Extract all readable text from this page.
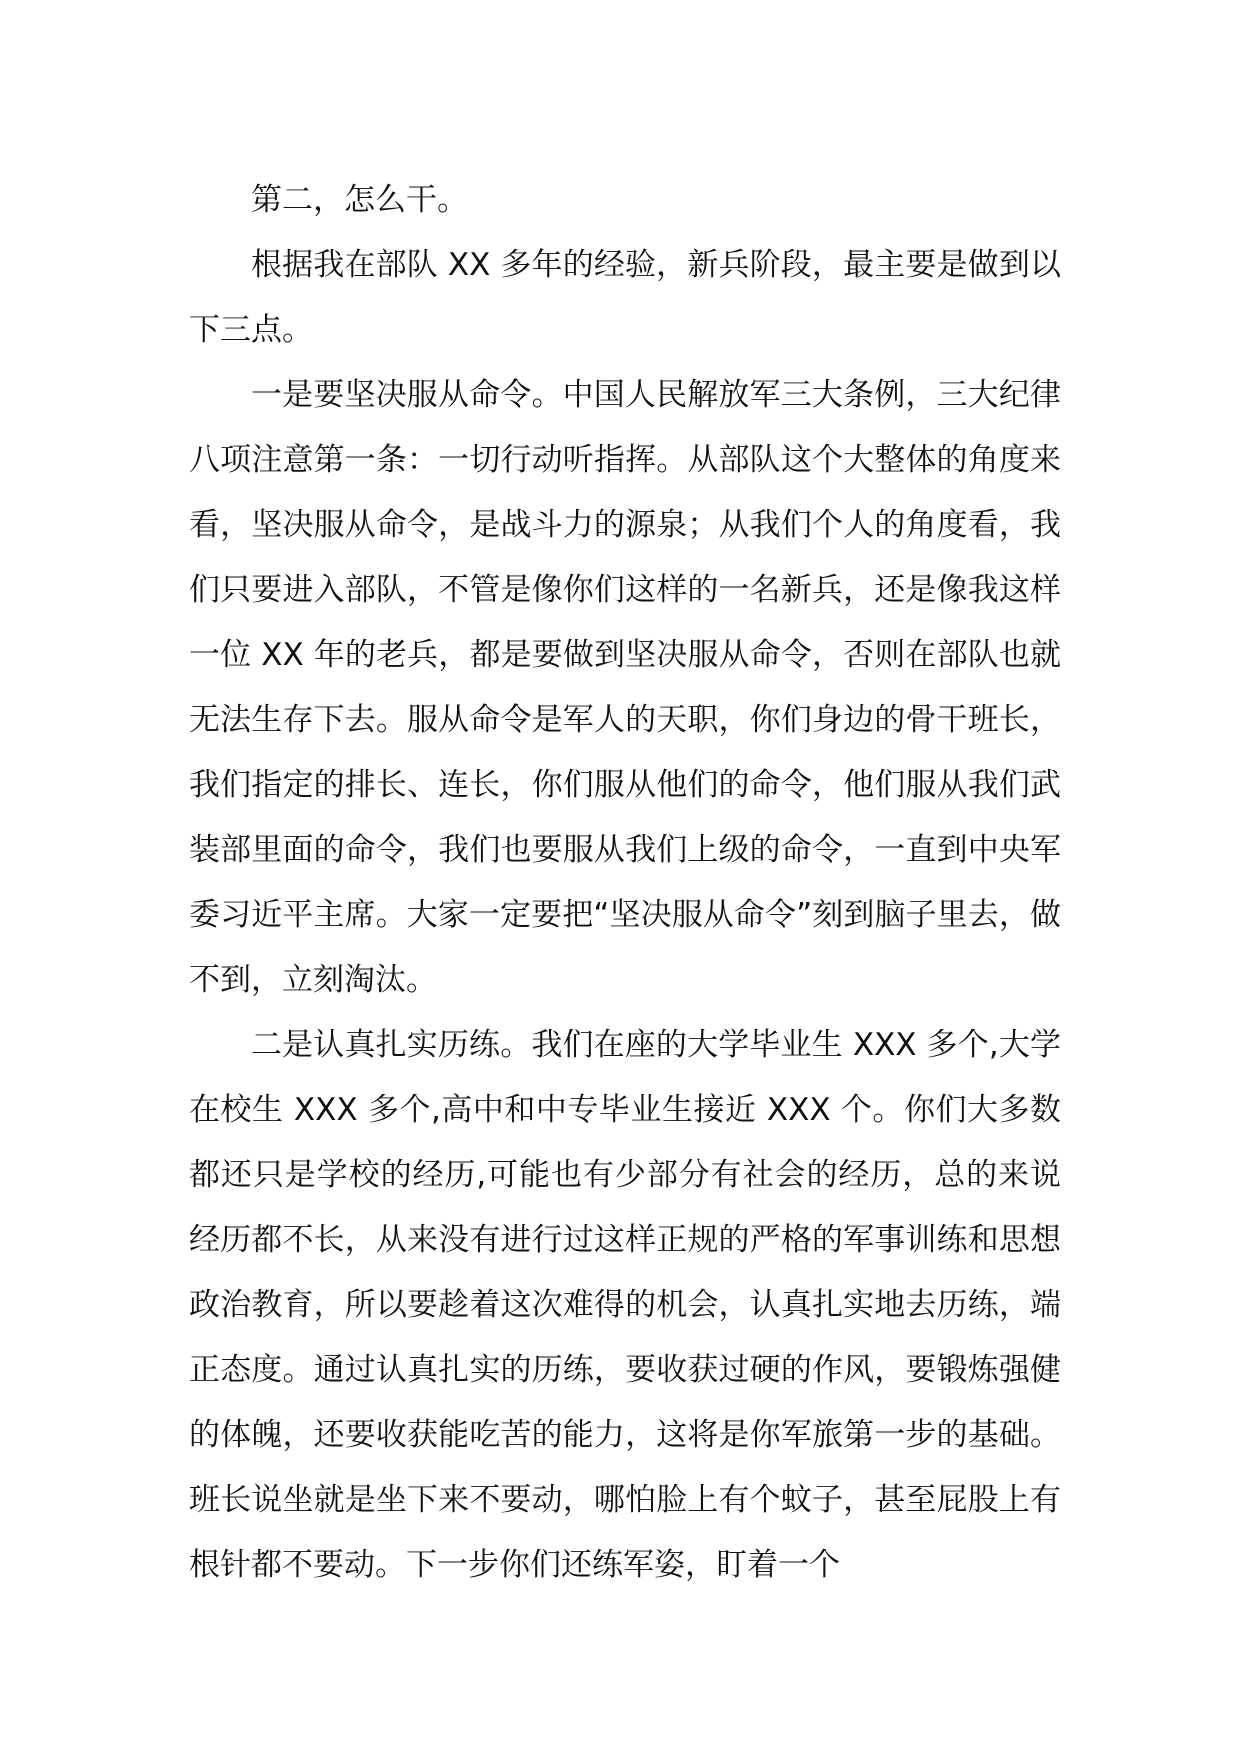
第二，怎么干。

根据我在部队 XX 多年的经验，新兵阶段，最主要是做到以下三点。

一是要坚决服从命令。中国人民解放军三大条例，三大纪律八项注意第一条：一切行动听指挥。从部队这个大整体的角度来看，坚决服从命令，是战斗力的源泉；从我们个人的角度看，我们只要进入部队，不管是像你们这样的一名新兵，还是像我这样一位 XX 年的老兵，都是要做到坚决服从命令，否则在部队也就无法生存下去。服从命令是军人的天职，你们身边的骨干班长，我们指定的排长、连长，你们服从他们的命令，他们服从我们武装部里面的命令，我们也要服从我们上级的命令，一直到中央军委习近平主席。大家一定要把“坚决服从命令”刻到脑子里去，做不到，立刻淘汰。

二是认真扎实历练。我们在座的大学毕业生 XXX 多个,大学在校生 XXX 多个,高中和中专毕业生接近 XXX 个。你们大多数都还只是学校的经历,可能也有少部分有社会的经历，总的来说经历都不长，从来没有进行过这样正规的严格的军事训练和思想政治教育，所以要趁着这次难得的机会，认真扎实地去历练，端正态度。通过认真扎实的历练，要收获过硬的作风，要锻炼强健的体魄，还要收获能吃苦的能力，这将是你军旅第一步的基础。班长说坐就是坐下来不要动，哪怕脸上有个蚊子，甚至屁股上有根针都不要动。下一步你们还练军姿，盯着一个
